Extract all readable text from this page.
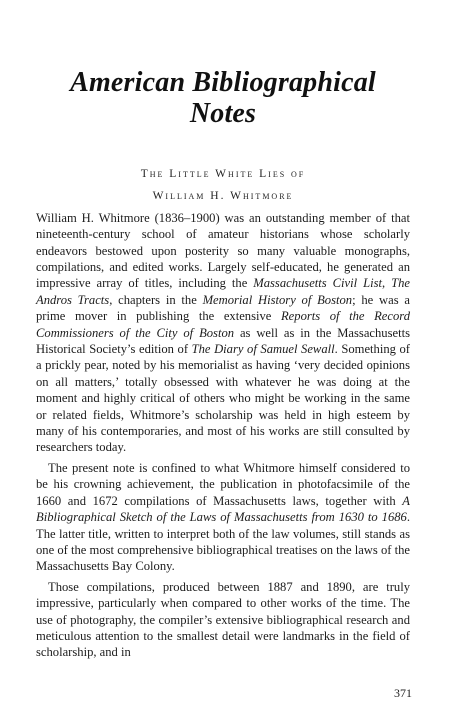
American Bibliographical Notes
The Little White Lies of
William H. Whitmore

William H. Whitmore (1836–1900) was an outstanding member of that nineteenth-century school of amateur historians whose scholarly endeavors bestowed upon posterity so many valuable monographs, compilations, and edited works. Largely self-educated, he generated an impressive array of titles, including the Massachusetts Civil List, The Andros Tracts, chapters in the Memorial History of Boston; he was a prime mover in publishing the extensive Reports of the Record Commissioners of the City of Boston as well as in the Massachusetts Historical Society’s edition of The Diary of Samuel Sewall. Something of a prickly pear, noted by his memorialist as having ‘very decided opinions on all matters,’ totally obsessed with whatever he was doing at the moment and highly critical of others who might be working in the same or related fields, Whitmore’s scholarship was held in high esteem by many of his contemporaries, and most of his works are still consulted by researchers today.

The present note is confined to what Whitmore himself considered to be his crowning achievement, the publication in photofacsimile of the 1660 and 1672 compilations of Massachusetts laws, together with A Bibliographical Sketch of the Laws of Massachusetts from 1630 to 1686. The latter title, written to interpret both of the law volumes, still stands as one of the most comprehensive bibliographical treatises on the laws of the Massachusetts Bay Colony.

Those compilations, produced between 1887 and 1890, are truly impressive, particularly when compared to other works of the time. The use of photography, the compiler’s extensive bibliographical research and meticulous attention to the smallest detail were landmarks in the field of scholarship, and in

371
